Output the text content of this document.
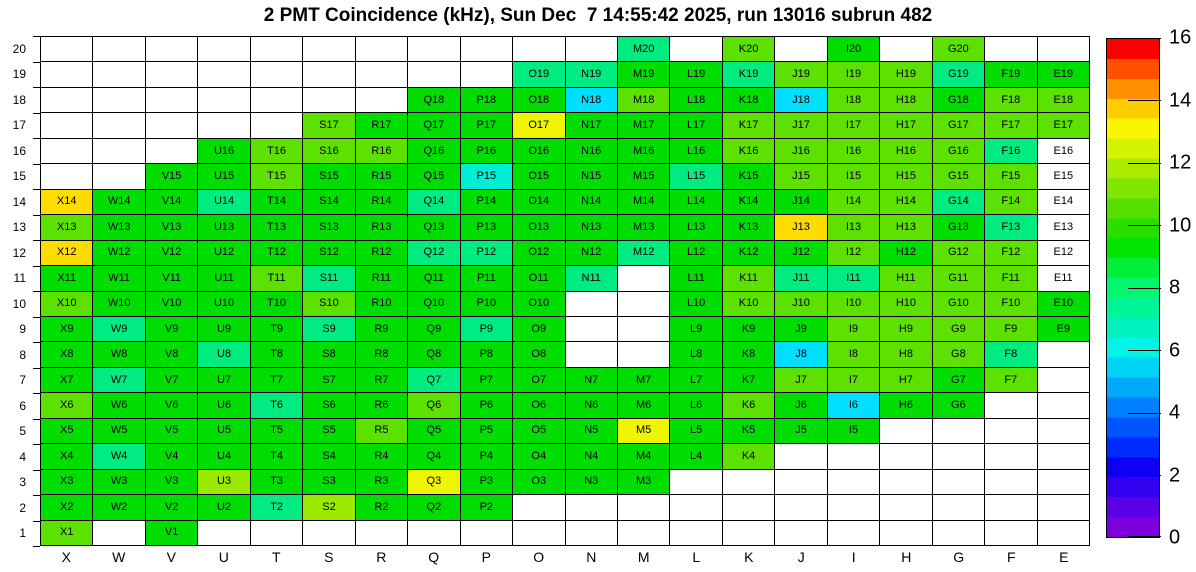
2 PMT Coincidence (kHz), Sun Dec  7 14:55:42 2025, run 13016 subrun 482
20
19
18
17
16
15
14
13
12
11
10
9
8
7
6
5
4
3
2
1
M20	K20	I20	G20
O19	N19	M19	L19	K19	J19	I19	H19	G19	F19	E19
Q18	P18	O18	N18	M18	L18	K18	J18	I18	H18	G18	F18	E18
S17	R17	Q17	P17	O17	N17	M17	L17	K17	J17	I17	H17	G17	F17	E17
U16	T16	S16	R16	Q16	P16	O16	N16	M16	L16	K16	J16	I16	H16	G16	F16	E16
V15	U15	T15	S15	R15	Q15	P15	O15	N15	M15	L15	K15	J15	I15	H15	G15	F15	E15
X14	W14	V14	U14	T14	S14	R14	Q14	P14	O14	N14	M14	L14	K14	J14	I14	H14	G14	F14	E14
X13	W13	V13	U13	T13	S13	R13	Q13	P13	O13	N13	M13	L13	K13	J13	I13	H13	G13	F13	E13
X12	W12	V12	U12	T12	S12	R12	Q12	P12	O12	N12	M12	L12	K12	J12	I12	H12	G12	F12	E12
X11	W11	V11	U11	T11	S11	R11	Q11	P11	O11	N11	L11	K11	J11	I11	H11	G11	F11	E11
X10	W10	V10	U10	T10	S10	R10	Q10	P10	O10	L10	K10	J10	I10	H10	G10	F10	E10
X9	W9	V9	U9	T9	S9	R9	Q9	P9	O9	L9	K9	J9	I9	H9	G9	F9	E9
X8	W8	V8	U8	T8	S8	R8	Q8	P8	O8	L8	K8	J8	I8	H8	G8	F8
X7	W7	V7	U7	T7	S7	R7	Q7	P7	O7	N7	M7	L7	K7	J7	I7	H7	G7	F7
X6	W6	V6	U6	T6	S6	R6	Q6	P6	O6	N6	M6	L6	K6	J6	I6	H6	G6
X5	W5	V5	U5	T5	S5	R5	Q5	P5	O5	N5	M5	L5	K5	J5	I5
X4	W4	V4	U4	T4	S4	R4	Q4	P4	O4	N4	M4	L4	K4
X3	W3	V3	U3	T3	S3	R3	Q3	P3	O3	N3	M3
X2	W2	V2	U2	T2	S2	R2	Q2	P2
X1	V1
X	W	V	U	T	S	R	Q	P	O	N	M	L	K	J	I	H	G	F	E
0
2
4
6
8
10
12
14
16
